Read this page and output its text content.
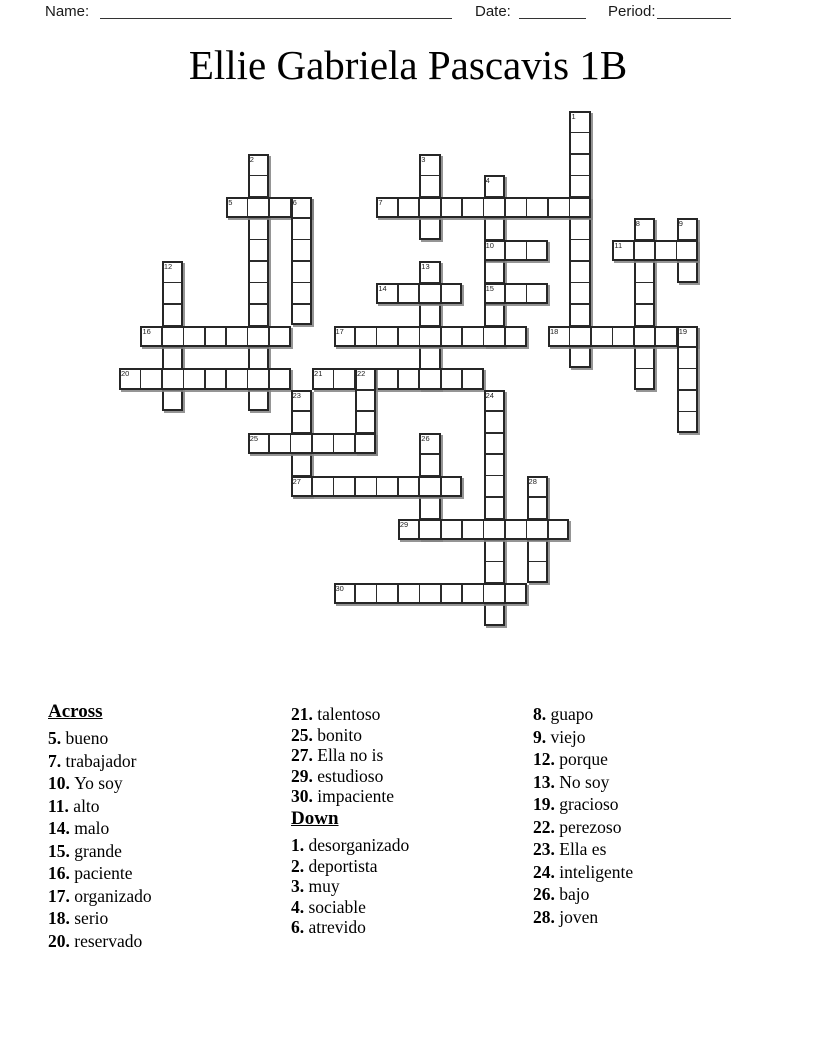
Name:	Date:	Period:
Ellie Gabriela Pascavis 1B
1
2	3
4
5	6	7
8	9
10	11
12	13
14	15
16	17	18	19
20	21	22
23	24
25	26
27	28
29
30
Across
5. bueno
7. trabajador
10. Yo soy
11. alto
14. malo
15. grande
16. paciente
17. organizado
18. serio
20. reservado
21. talentoso
25. bonito
27. Ella no is
29. estudioso
30. impaciente
Down
1. desorganizado
2. deportista
3. muy
4. sociable
6. atrevido
8. guapo
9. viejo
12. porque
13. No soy
19. gracioso
22. perezoso
23. Ella es
24. inteligente
26. bajo
28. joven
